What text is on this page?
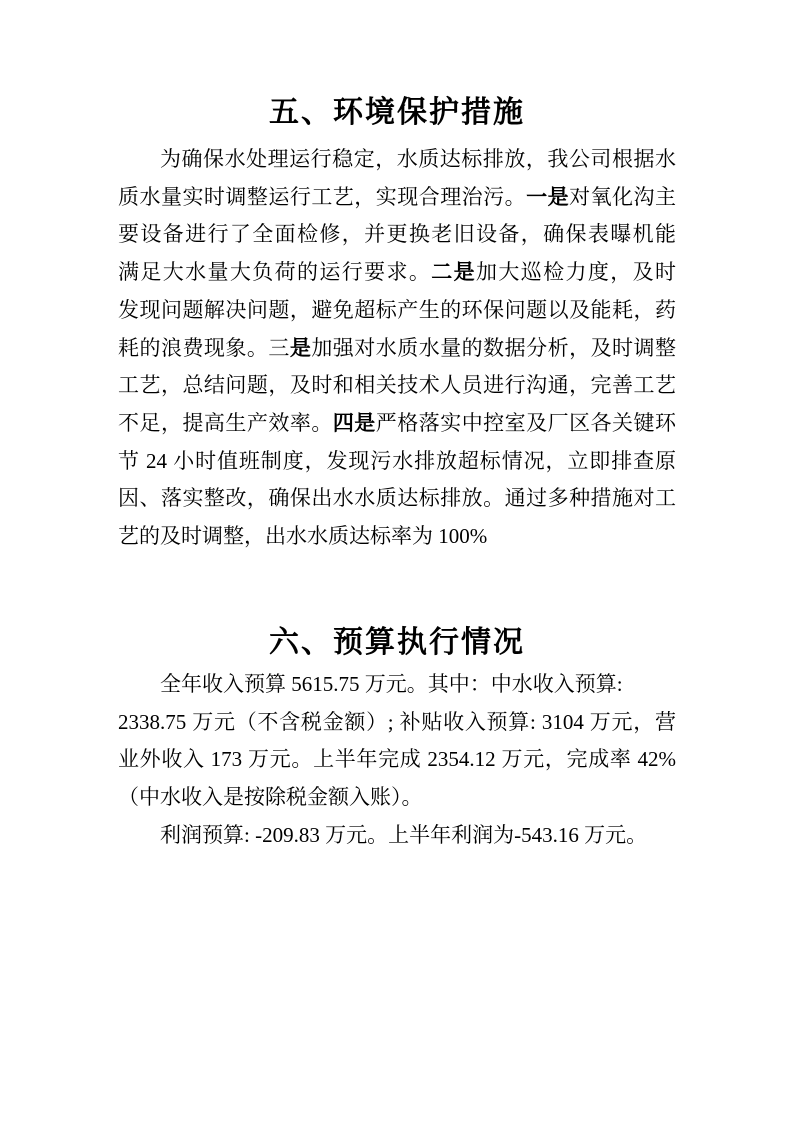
五、环境保护措施
为确保水处理运行稳定，水质达标排放，我公司根据水
质水量实时调整运行工艺，实现合理治污。一是对氧化沟主
要设备进行了全面检修，并更换老旧设备，确保表曝机能
满足大水量大负荷的运行要求。二是加大巡检力度，及时
发现问题解决问题，避免超标产生的环保问题以及能耗，药
耗的浪费现象。三是加强对水质水量的数据分析，及时调整
工艺，总结问题，及时和相关技术人员进行沟通，完善工艺
不足，提高生产效率。四是严格落实中控室及厂区各关键环
节 24 小时值班制度，发现污水排放超标情况，立即排查原
因、落实整改，确保出水水质达标排放。通过多种措施对工
艺的及时调整，出水水质达标率为 100%
六、预算执行情况
全年收入预算 5615.75 万元。其中：中水收入预算:
2338.75 万元（不含税金额）; 补贴收入预算: 3104 万元，营
业外收入 173 万元。上半年完成 2354.12 万元，完成率 42%
（中水收入是按除税金额入账）。
利润预算: -209.83 万元。上半年利润为-543.16 万元。
